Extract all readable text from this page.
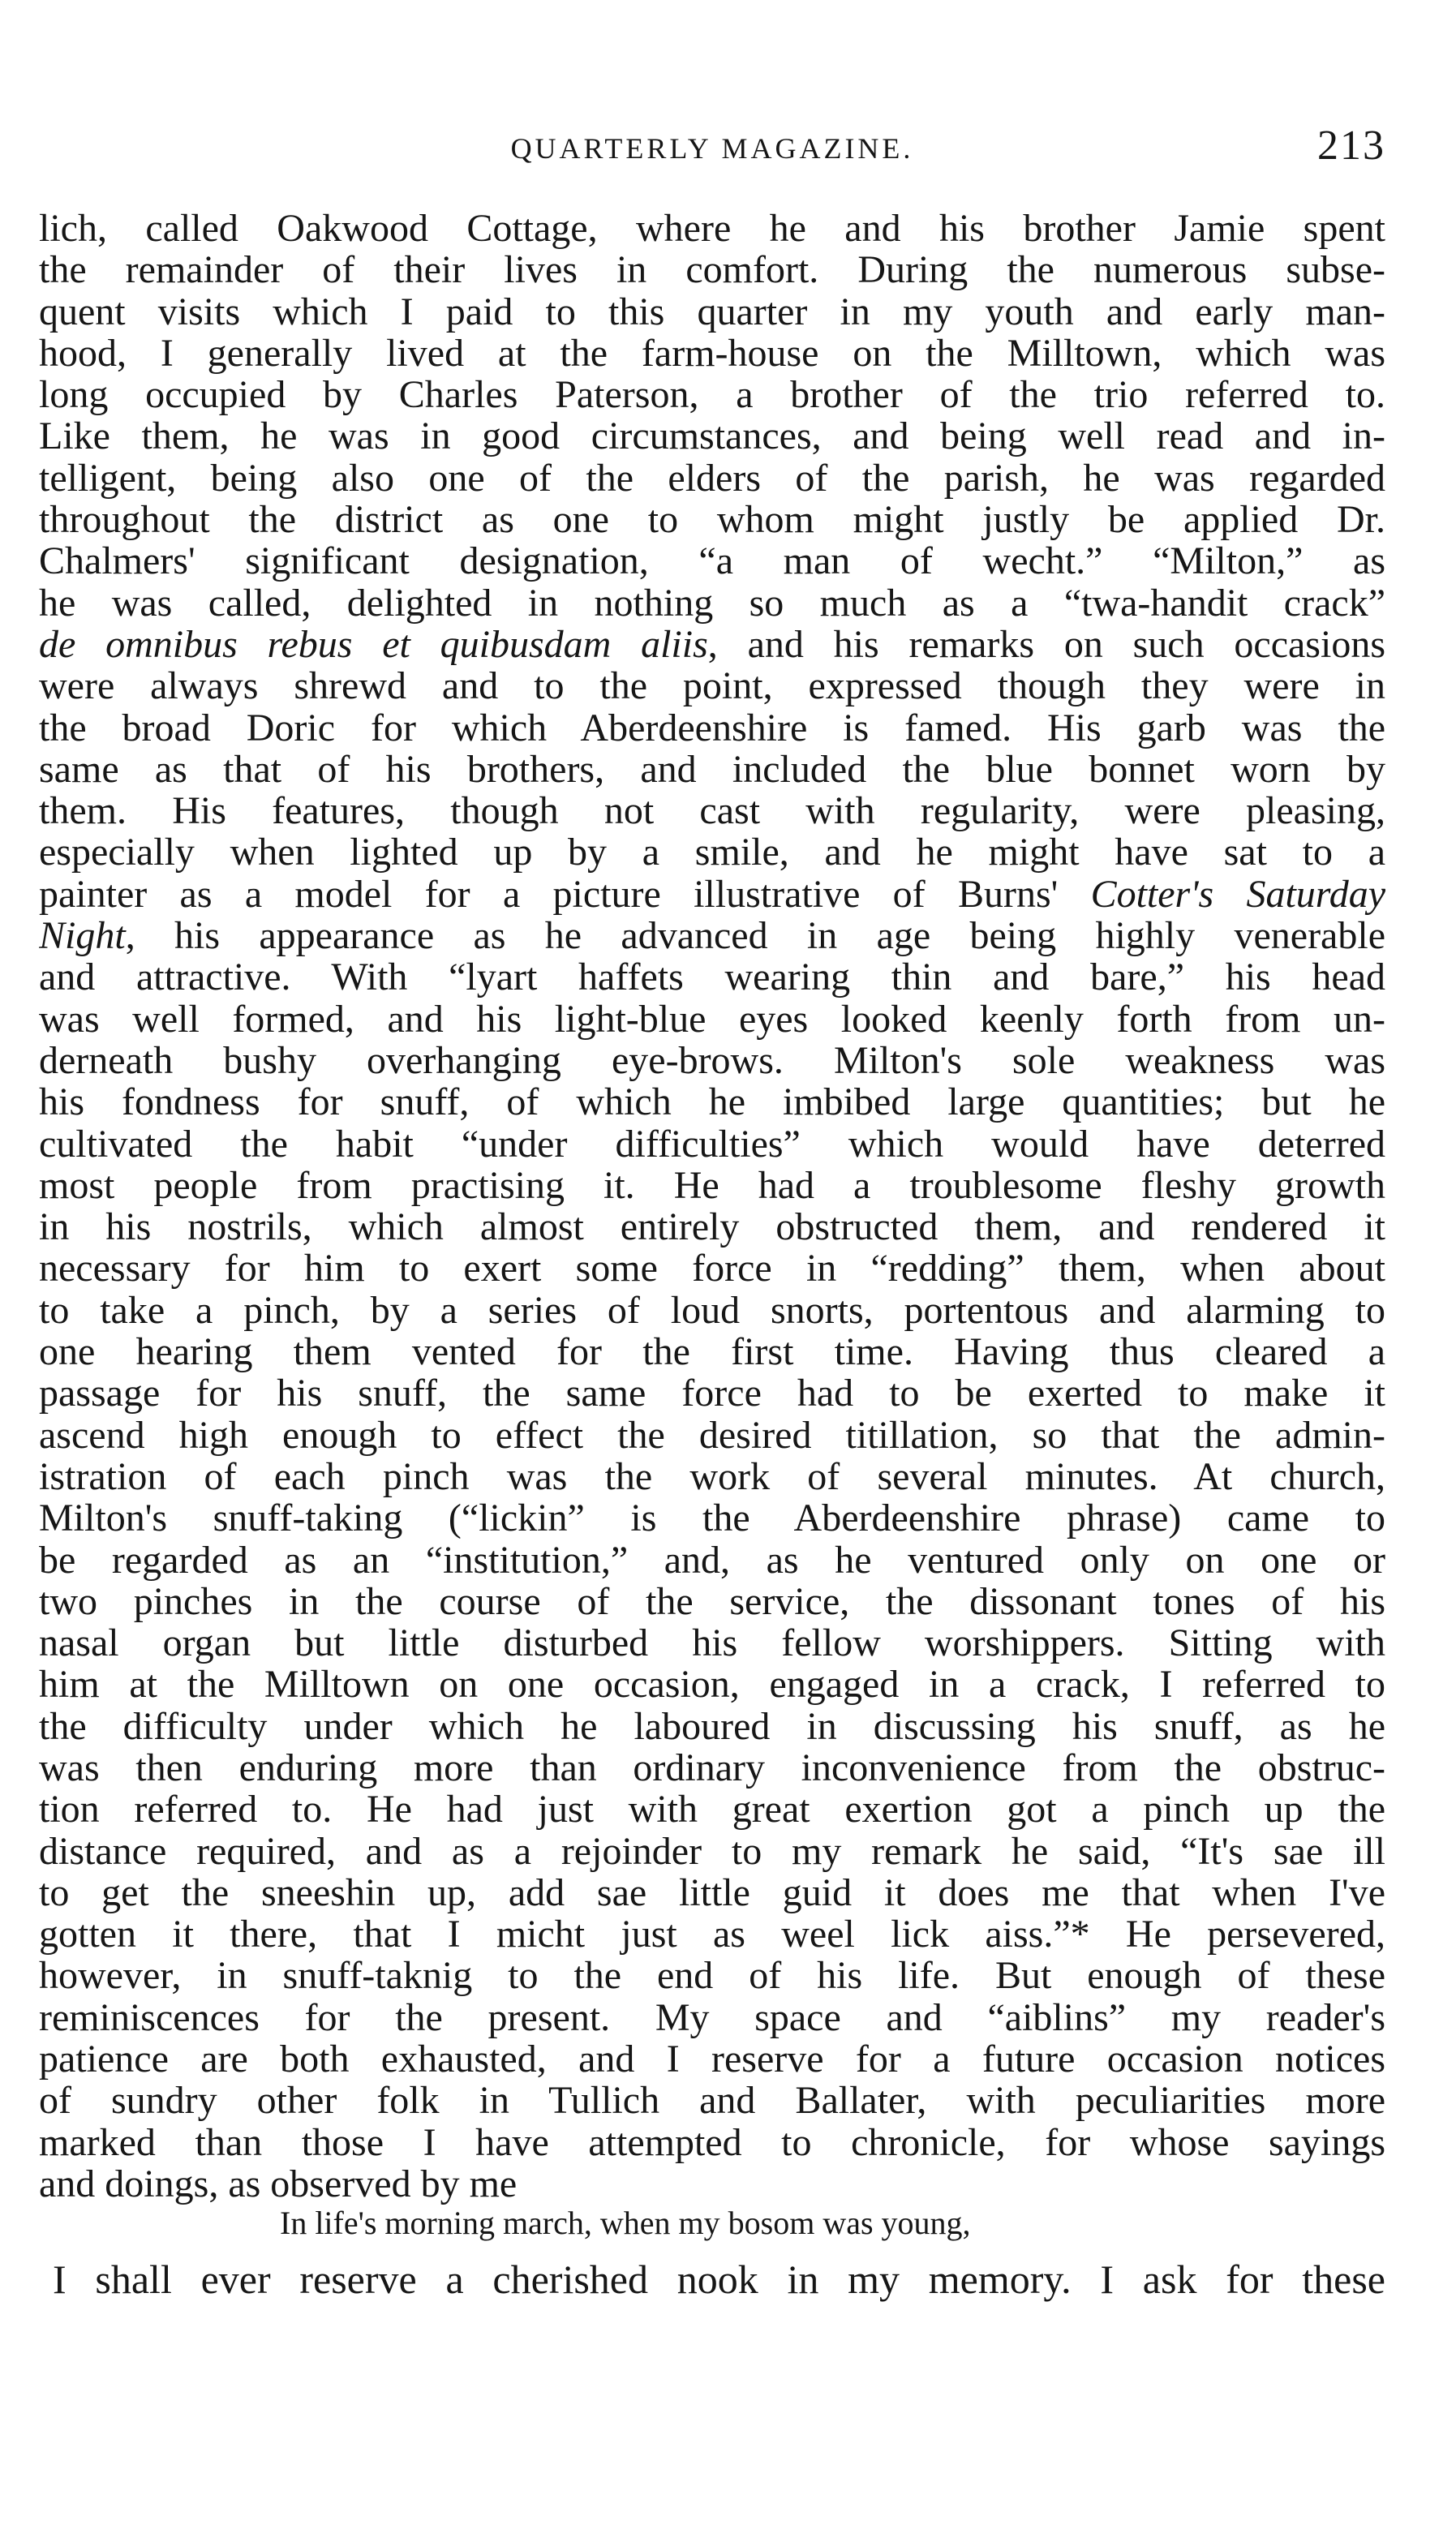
QUARTERLY MAGAZINE.	213
lich, called Oakwood Cottage, where he and his brother Jamie spent
the remainder of their lives in comfort. During the numerous subse-
quent visits which I paid to this quarter in my youth and early man-
hood, I generally lived at the farm-house on the Milltown, which was
long occupied by Charles Paterson, a brother of the trio referred to.
Like them, he was in good circumstances, and being well read and in-
telligent, being also one of the elders of the parish, he was regarded
throughout the district as one to whom might justly be applied Dr.
Chalmers' significant designation, “a man of wecht.” “Milton,” as
he was called, delighted in nothing so much as a “twa-handit crack”
de omnibus rebus et quibusdam aliis, and his remarks on such occasions
were always shrewd and to the point, expressed though they were in
the broad Doric for which Aberdeenshire is famed. His garb was the
same as that of his brothers, and included the blue bonnet worn by
them. His features, though not cast with regularity, were pleasing,
especially when lighted up by a smile, and he might have sat to a
painter as a model for a picture illustrative of Burns' Cotter's Saturday
Night, his appearance as he advanced in age being highly venerable
and attractive. With “lyart haffets wearing thin and bare,” his head
was well formed, and his light-blue eyes looked keenly forth from un-
derneath bushy overhanging eye-brows. Milton's sole weakness was
his fondness for snuff, of which he imbibed large quantities; but he
cultivated the habit “under difficulties” which would have deterred
most people from practising it. He had a troublesome fleshy growth
in his nostrils, which almost entirely obstructed them, and rendered it
necessary for him to exert some force in “redding” them, when about
to take a pinch, by a series of loud snorts, portentous and alarming to
one hearing them vented for the first time. Having thus cleared a
passage for his snuff, the same force had to be exerted to make it
ascend high enough to effect the desired titillation, so that the admin-
istration of each pinch was the work of several minutes. At church,
Milton's snuff-taking (“lickin” is the Aberdeenshire phrase) came to
be regarded as an “institution,” and, as he ventured only on one or
two pinches in the course of the service, the dissonant tones of his
nasal organ but little disturbed his fellow worshippers. Sitting with
him at the Milltown on one occasion, engaged in a crack, I referred to
the difficulty under which he laboured in discussing his snuff, as he
was then enduring more than ordinary inconvenience from the obstruc-
tion referred to. He had just with great exertion got a pinch up the
distance required, and as a rejoinder to my remark he said, “It's sae ill
to get the sneeshin up, add sae little guid it does me that when I've
gotten it there, that I micht just as weel lick aiss.”* He persevered,
however, in snuff-taknig to the end of his life. But enough of these
reminiscences for the present. My space and “aiblins” my reader's
patience are both exhausted, and I reserve for a future occasion notices
of sundry other folk in Tullich and Ballater, with peculiarities more
marked than those I have attempted to chronicle, for whose sayings
and doings, as observed by me
In life's morning march, when my bosom was young,
I shall ever reserve a cherished nook in my memory. I ask for these
